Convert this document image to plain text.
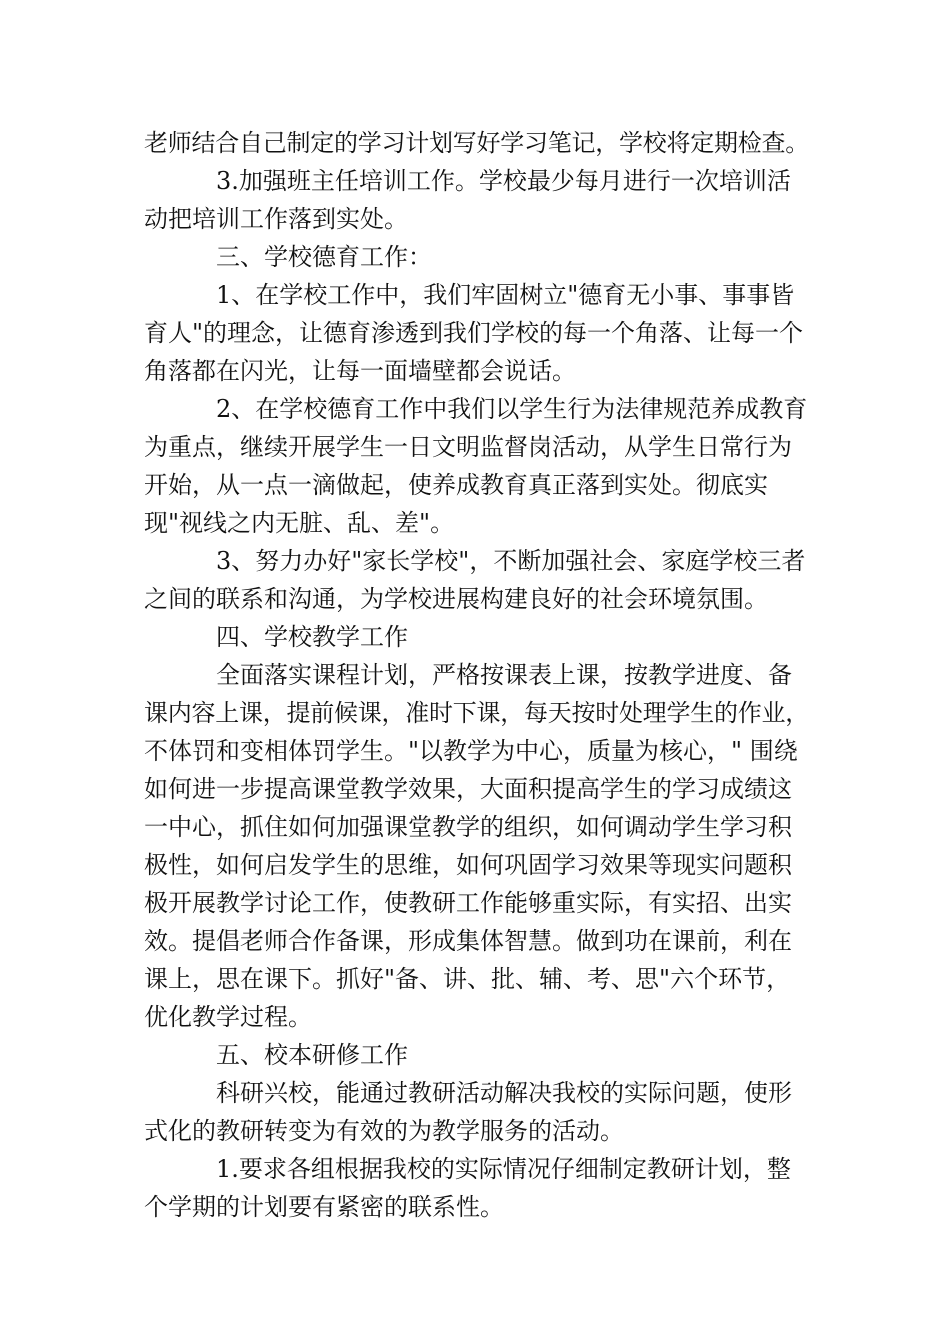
老师结合自己制定的学习计划写好学习笔记，学校将定期检查。
3.加强班主任培训工作。学校最少每月进行一次培训活
动把培训工作落到实处。
三、学校德育工作：
1、在学校工作中，我们牢固树立"德育无小事、事事皆
育人"的理念，让德育渗透到我们学校的每一个角落、让每一个
角落都在闪光，让每一面墙壁都会说话。
2、在学校德育工作中我们以学生行为法律规范养成教育
为重点，继续开展学生一日文明监督岗活动，从学生日常行为
开始，从一点一滴做起，使养成教育真正落到实处。彻底实
现"视线之内无脏、乱、差"。
3、努力办好"家长学校"，不断加强社会、家庭学校三者
之间的联系和沟通，为学校进展构建良好的社会环境氛围。
四、学校教学工作
全面落实课程计划，严格按课表上课，按教学进度、备
课内容上课，提前候课，准时下课，每天按时处理学生的作业，
不体罚和变相体罚学生。"以教学为中心，质量为核心，" 围绕
如何进一步提高课堂教学效果，大面积提高学生的学习成绩这
一中心，抓住如何加强课堂教学的组织，如何调动学生学习积
极性，如何启发学生的思维，如何巩固学习效果等现实问题积
极开展教学讨论工作，使教研工作能够重实际，有实招、出实
效。提倡老师合作备课，形成集体智慧。做到功在课前，利在
课上，思在课下。抓好"备、讲、批、辅、考、思"六个环节，
优化教学过程。
五、校本研修工作
科研兴校，能通过教研活动解决我校的实际问题，使形
式化的教研转变为有效的为教学服务的活动。
1.要求各组根据我校的实际情况仔细制定教研计划，整
个学期的计划要有紧密的联系性。
